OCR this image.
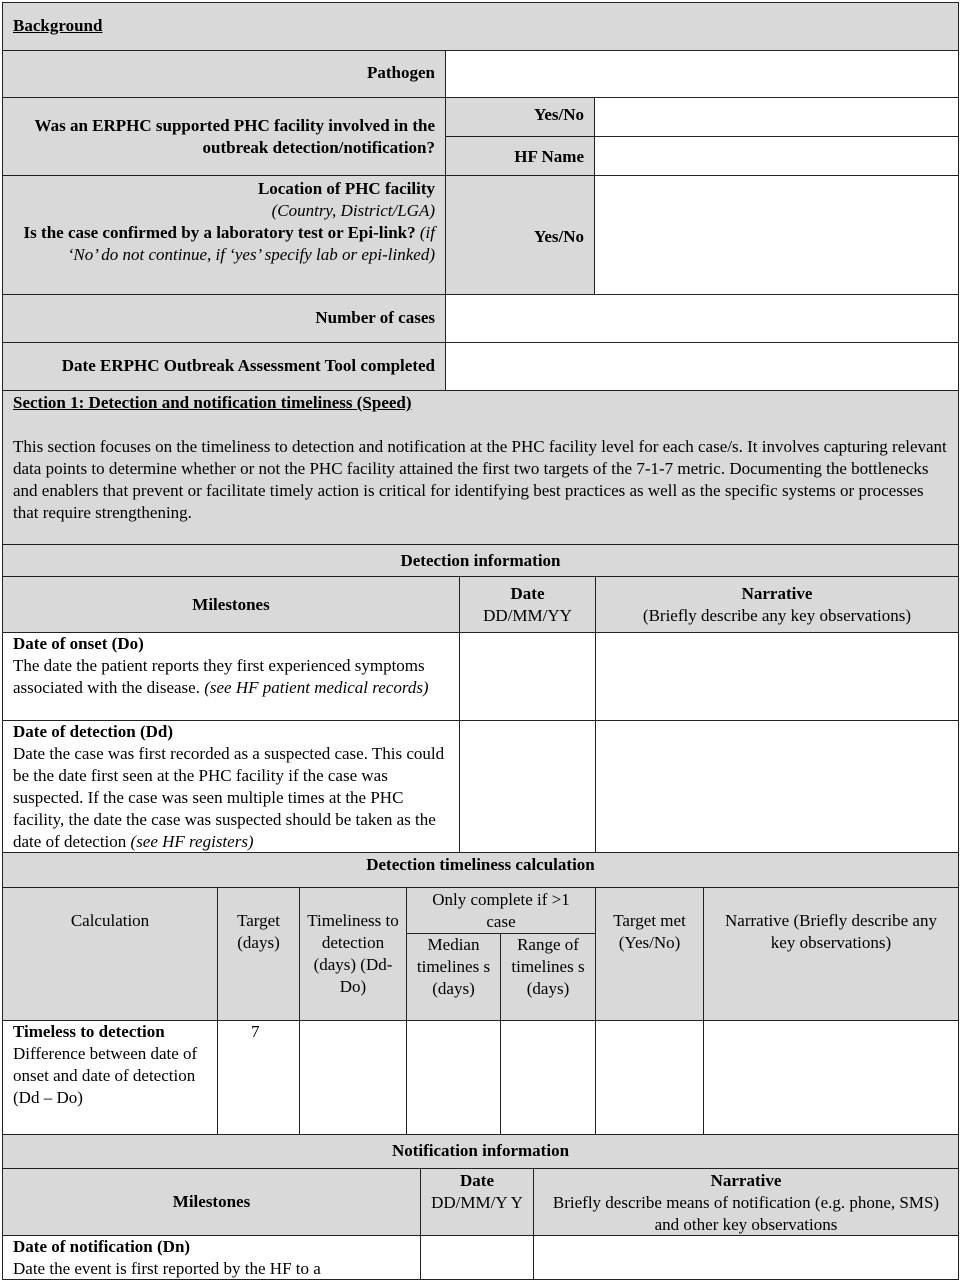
Background
Pathogen
Was an ERPHC supported PHC facility involved in the outbreak detection/notification?
Yes/No
HF Name
Location of PHC facility
(Country, District/LGA)
Is the case confirmed by a laboratory test or Epi-link? (if ‘No’ do not continue, if ‘yes’ specify lab or epi-linked)
Yes/No
Number of cases
Date ERPHC Outbreak Assessment Tool completed
Section 1: Detection and notification timeliness (Speed)
This section focuses on the timeliness to detection and notification at the PHC facility level for each case/s. It involves capturing relevant data points to determine whether or not the PHC facility attained the first two targets of the 7-1-7 metric. Documenting the bottlenecks and enablers that prevent or facilitate timely action is critical for identifying best practices as well as the specific systems or processes that require strengthening.
Detection information
Milestones
Date
DD/MM/YY
Narrative
(Briefly describe any key observations)
Date of onset (Do)
The date the patient reports they first experienced symptoms associated with the disease. (see HF patient medical records)
Date of detection (Dd)
Date the case was first recorded as a suspected case. This could be the date first seen at the PHC facility if the case was suspected. If the case was seen multiple times at the PHC facility, the date the case was suspected should be taken as the date of detection (see HF registers)
Detection timeliness calculation
Calculation	Target (days)
Timeliness to detection (days) (Dd-Do)
Only complete if >1 case
Median timelines s (days)
Range of timelines s (days)
Target met (Yes/No)
Narrative (Briefly describe any key observations)
Timeless to detection
Difference between date of onset and date of detection
(Dd – Do)
7
Notification information
Milestones
Date
DD/MM/Y Y
Narrative
Briefly describe means of notification (e.g. phone, SMS) and other key observations
Date of notification (Dn)
Date the event is first reported by the HF to a
